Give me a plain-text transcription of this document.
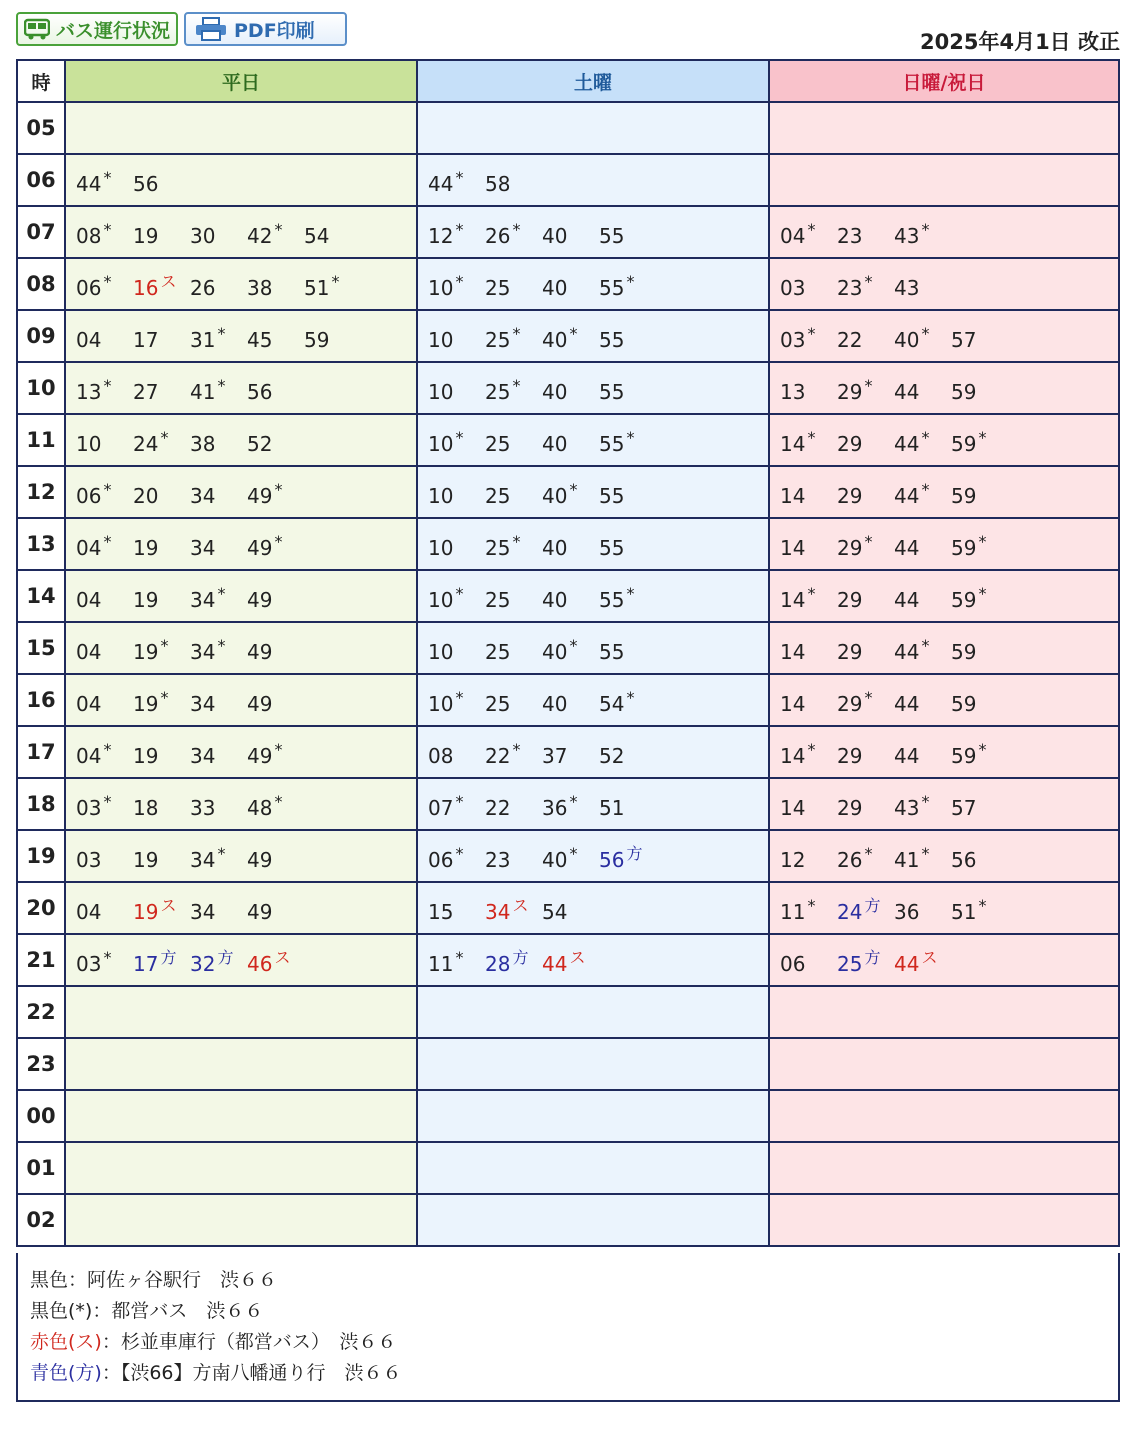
バス運行状況	PDF印刷	2025年4月1日 改正
時	平日	土曜	日曜/祝日
05	

06	44 * 56	44 * 58	

07	08 * 19 30 42 * 54	12 * 26 * 40 55	04 * 23 43 *

08	06 * 16 $^ス$ 26 38 51 *	10 * 25 40 55 *	03 23 * 43

09	04 17 31 * 45 59	10 25 * 40 * 55	03 * 22 40 * 57

10	13 * 27 41 * 56	10 25 * 40 55	13 29 * 44 59

11	10 24 * 38 52	10 * 25 40 55 *	14 * 29 44 * 59 *

12	06 * 20 34 49 *	10 25 40 * 55	14 29 44 * 59

13	04 * 19 34 49 *	10 25 * 40 55	14 29 * 44 59 *

14	04 19 34 * 49	10 * 25 40 55 *	14 * 29 44 59 *

15	04 19 * 34 * 49	10 25 40 * 55	14 29 44 * 59

16	04 19 * 34 49	10 * 25 40 54 *	14 29 * 44 59

17	04 * 19 34 49 *	08 22 * 37 52	14 * 29 44 59 *

18	03 * 18 33 48 *	07 * 22 36 * 51	14 29 43 * 57

19	03 19 34 * 49	06 * 23 40 * 56 $^方$	12 26 * 41 * 56

20	04 19 $^ス$ 34 49	15 34 $^ス$ 54	11 * 24 $^方$ 36 51 *

21	03 * 17 $^方$ 32 $^方$ 46 $^ス$	11 * 28 $^方$ 44 $^ス$	06 25 $^方$ 44 $^ス$

22	

23	

00	

01	

02	

黒色：阿佐ヶ谷駅行　渋６６
黒色(*)：都営バス　渋６６
赤色(ス)：杉並車庫行（都営バス）　渋６６
青色(方)：【渋66】方南八幡通り行　渋６６
